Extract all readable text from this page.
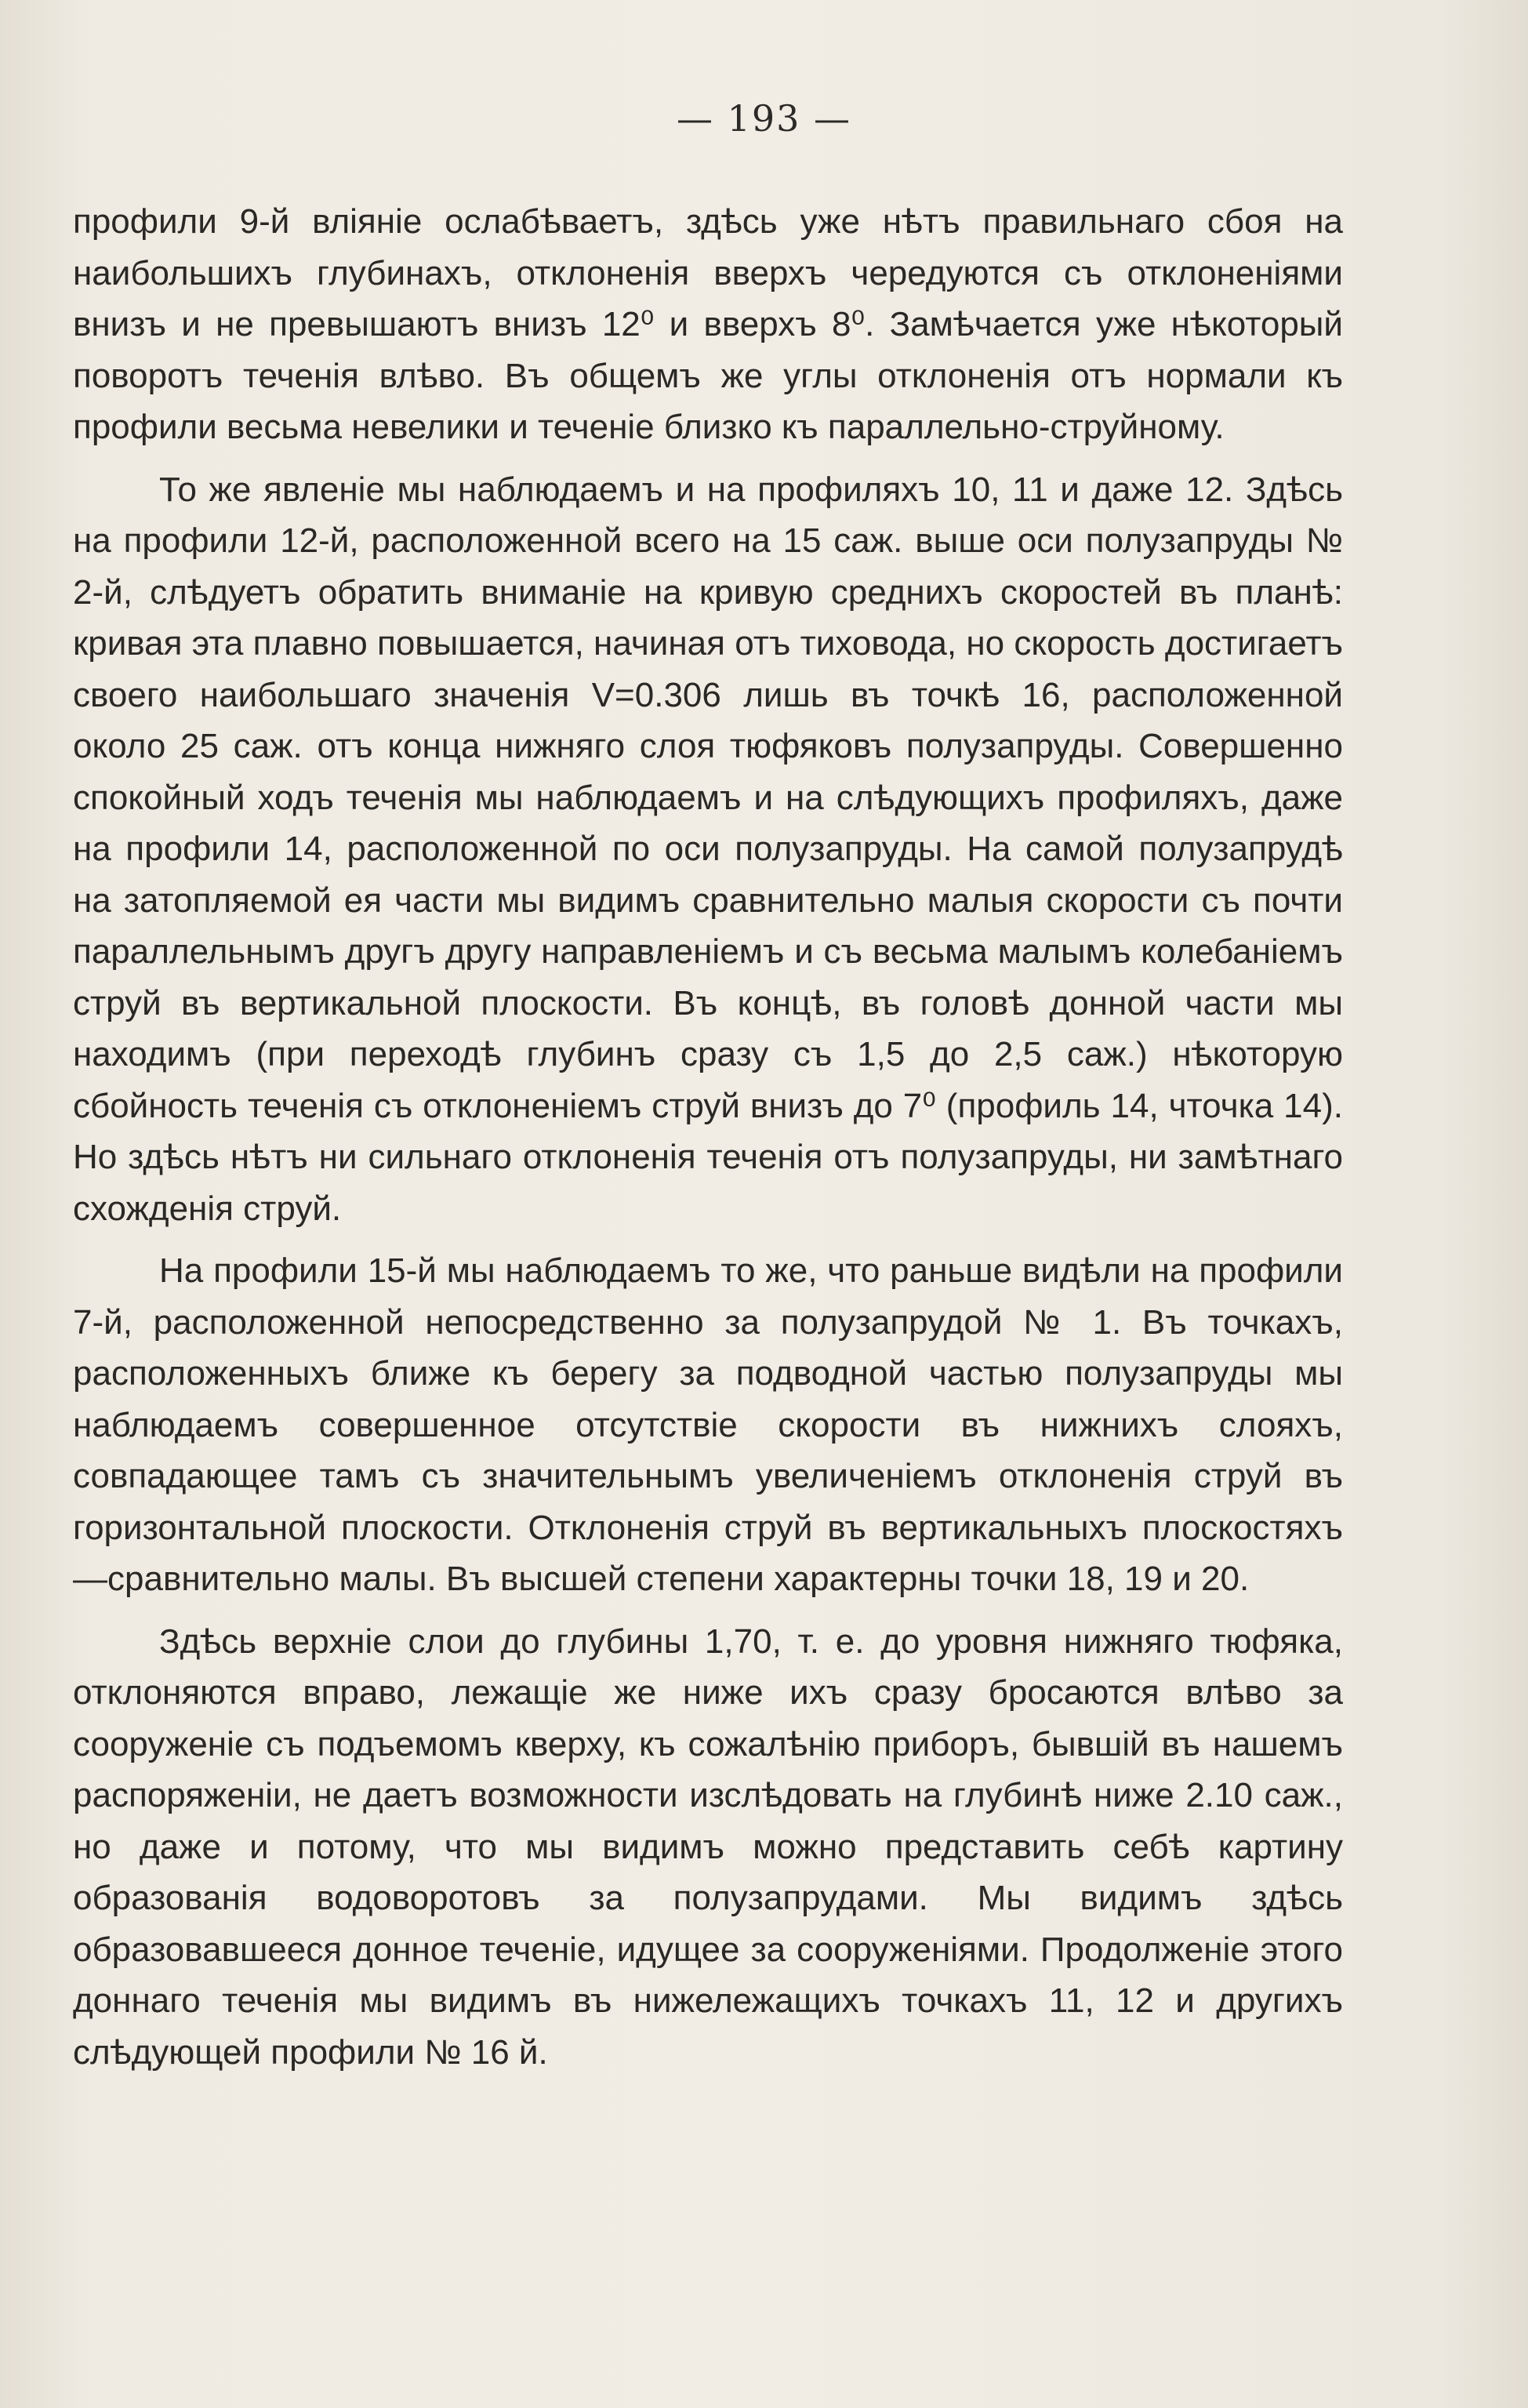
— 193 —

профили 9-й вліяніе ослабѣваетъ, здѣсь уже нѣтъ правильнаго сбоя на наибольшихъ глубинахъ, отклоненія вверхъ чередуются съ отклоненіями внизъ и не превышаютъ внизъ 12⁰ и вверхъ 8⁰. Замѣчается уже нѣкоторый поворотъ теченія влѣво. Въ общемъ же углы отклоненія отъ нормали къ профили весьма невелики и теченіе близко къ параллельно-струйному.

То же явленіе мы наблюдаемъ и на профиляхъ 10, 11 и даже 12. Здѣсь на профили 12-й, расположенной всего на 15 саж. выше оси полузапруды № 2-й, слѣдуетъ обратить вниманіе на кривую среднихъ скоростей въ планѣ: кривая эта плавно повышается, начиная отъ тиховода, но скорость достигаетъ своего наибольшаго значенія V=0.306 лишь въ точкѣ 16, расположенной около 25 саж. отъ конца нижняго слоя тюфяковъ полузапруды. Совершенно спокойный ходъ теченія мы наблюдаемъ и на слѣдующихъ профиляхъ, даже на профили 14, расположенной по оси полузапруды. На самой полузапрудѣ на затопляемой ея части мы видимъ сравнительно малыя скорости съ почти параллельнымъ другъ другу направленіемъ и съ весьма малымъ колебаніемъ струй въ вертикальной плоскости. Въ концѣ, въ головѣ донной части мы находимъ (при переходѣ глубинъ сразу съ 1,5 до 2,5 саж.) нѣкоторую сбойность теченія съ отклоненіемъ струй внизъ до 7⁰ (профиль 14, чточка 14). Но здѣсь нѣтъ ни сильнаго отклоненія теченія отъ полузапруды, ни замѣтнаго схожденія струй.

На профили 15-й мы наблюдаемъ то же, что раньше видѣли на профили 7-й, расположенной непосредственно за полузапрудой № 1. Въ точкахъ, расположенныхъ ближе къ берегу за подводной частью полузапруды мы наблюдаемъ совершенное отсутствіе скорости въ нижнихъ слояхъ, совпадающее тамъ съ значительнымъ увеличеніемъ отклоненія струй въ горизонтальной плоскости. Отклоненія струй въ вертикальныхъ плоскостяхъ—сравнительно малы. Въ высшей степени характерны точки 18, 19 и 20.

Здѣсь верхніе слои до глубины 1,70, т. е. до уровня нижняго тюфяка, отклоняются вправо, лежащіе же ниже ихъ сразу бросаются влѣво за сооруженіе съ подъемомъ кверху, къ сожалѣнію приборъ, бывшій въ нашемъ распоряженіи, не даетъ возможности изслѣдовать на глубинѣ ниже 2.10 саж., но даже и потому, что мы видимъ можно представить себѣ картину образованія водоворотовъ за полузапрудами. Мы видимъ здѣсь образовавшееся донное теченіе, идущее за сооруженіями. Продолженіе этого доннаго теченія мы видимъ въ нижележащихъ точкахъ 11, 12 и другихъ слѣдующей профили № 16 й.
